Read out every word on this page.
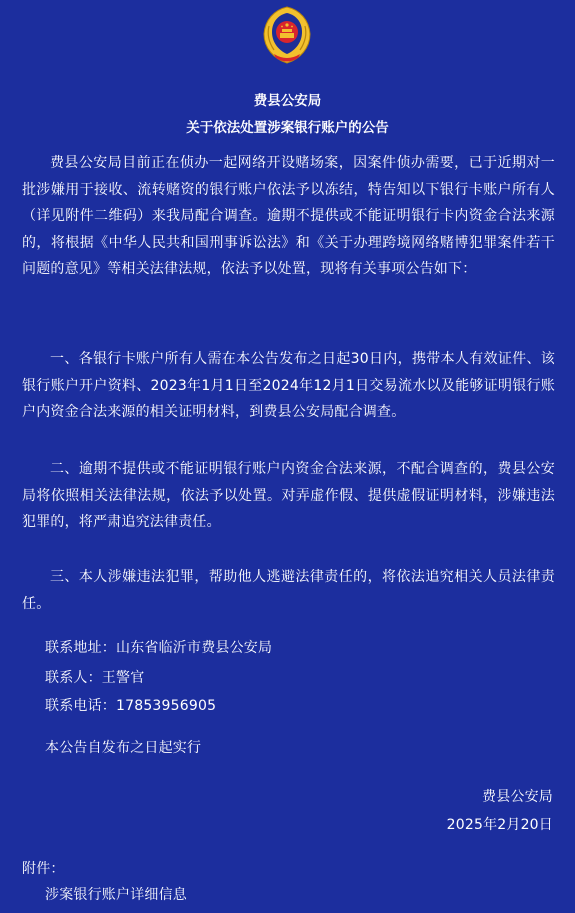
费县公安局
关于依法处置涉案银行账户的公告

费县公安局目前正在侦办一起网络开设赌场案，因案件侦办需要，已于近期对一批涉嫌用于接收、流转赌资的银行账户依法予以冻结，特告知以下银行卡账户所有人（详见附件二维码）来我局配合调查。逾期不提供或不能证明银行卡内资金合法来源的，将根据《中华人民共和国刑事诉讼法》和《关于办理跨境网络赌博犯罪案件若干问题的意见》等相关法律法规，依法予以处置，现将有关事项公告如下：

一、各银行卡账户所有人需在本公告发布之日起30日内，携带本人有效证件、该银行账户开户资料、2023年1月1日至2024年12月1日交易流水以及能够证明银行账户内资金合法来源的相关证明材料，到费县公安局配合调查。

二、逾期不提供或不能证明银行账户内资金合法来源，不配合调查的，费县公安局将依照相关法律法规，依法予以处置。对弄虚作假、提供虚假证明材料，涉嫌违法犯罪的，将严肃追究法律责任。

三、本人涉嫌违法犯罪，帮助他人逃避法律责任的，将依法追究相关人员法律责任。

联系地址：山东省临沂市费县公安局
联系人：王警官
联系电话：17853956905
本公告自发布之日起实行
费县公安局
2025年2月20日
附件：
涉案银行账户详细信息
